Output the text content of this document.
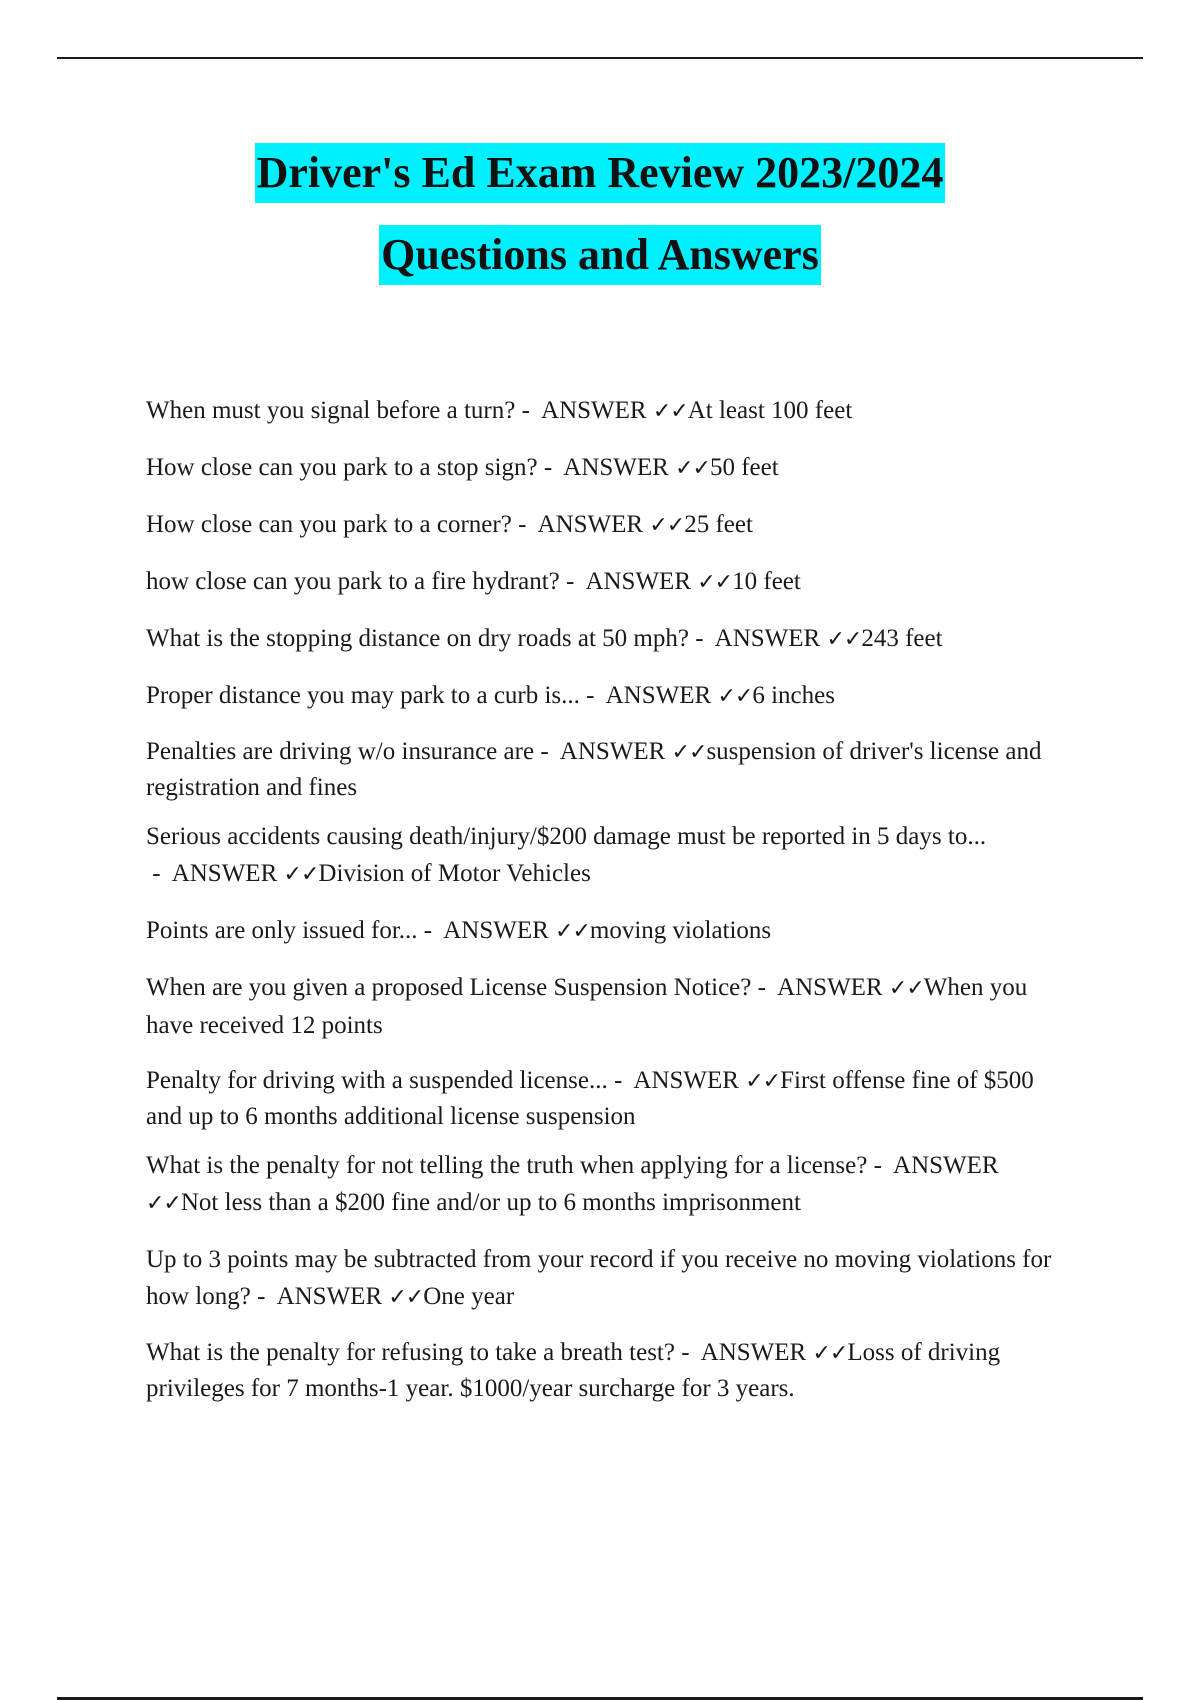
Driver's Ed Exam Review 2023/2024
Questions and Answers
When must you signal before a turn? -  ANSWER ✓✓At least 100 feet
How close can you park to a stop sign? -  ANSWER ✓✓50 feet
How close can you park to a corner? -  ANSWER ✓✓25 feet
how close can you park to a fire hydrant? -  ANSWER ✓✓10 feet
What is the stopping distance on dry roads at 50 mph? -  ANSWER ✓✓243 feet
Proper distance you may park to a curb is... -  ANSWER ✓✓6 inches
Penalties are driving w/o insurance are -  ANSWER ✓✓suspension of driver's license and registration and fines
Serious accidents causing death/injury/$200 damage must be reported in 5 days to... -  ANSWER ✓✓Division of Motor Vehicles
Points are only issued for... -  ANSWER ✓✓moving violations
When are you given a proposed License Suspension Notice? -  ANSWER ✓✓When you have received 12 points
Penalty for driving with a suspended license... -  ANSWER ✓✓First offense fine of $500 and up to 6 months additional license suspension
What is the penalty for not telling the truth when applying for a license? -  ANSWER ✓✓Not less than a $200 fine and/or up to 6 months imprisonment
Up to 3 points may be subtracted from your record if you receive no moving violations for how long? -  ANSWER ✓✓One year
What is the penalty for refusing to take a breath test? -  ANSWER ✓✓Loss of driving privileges for 7 months-1 year. $1000/year surcharge for 3 years.
